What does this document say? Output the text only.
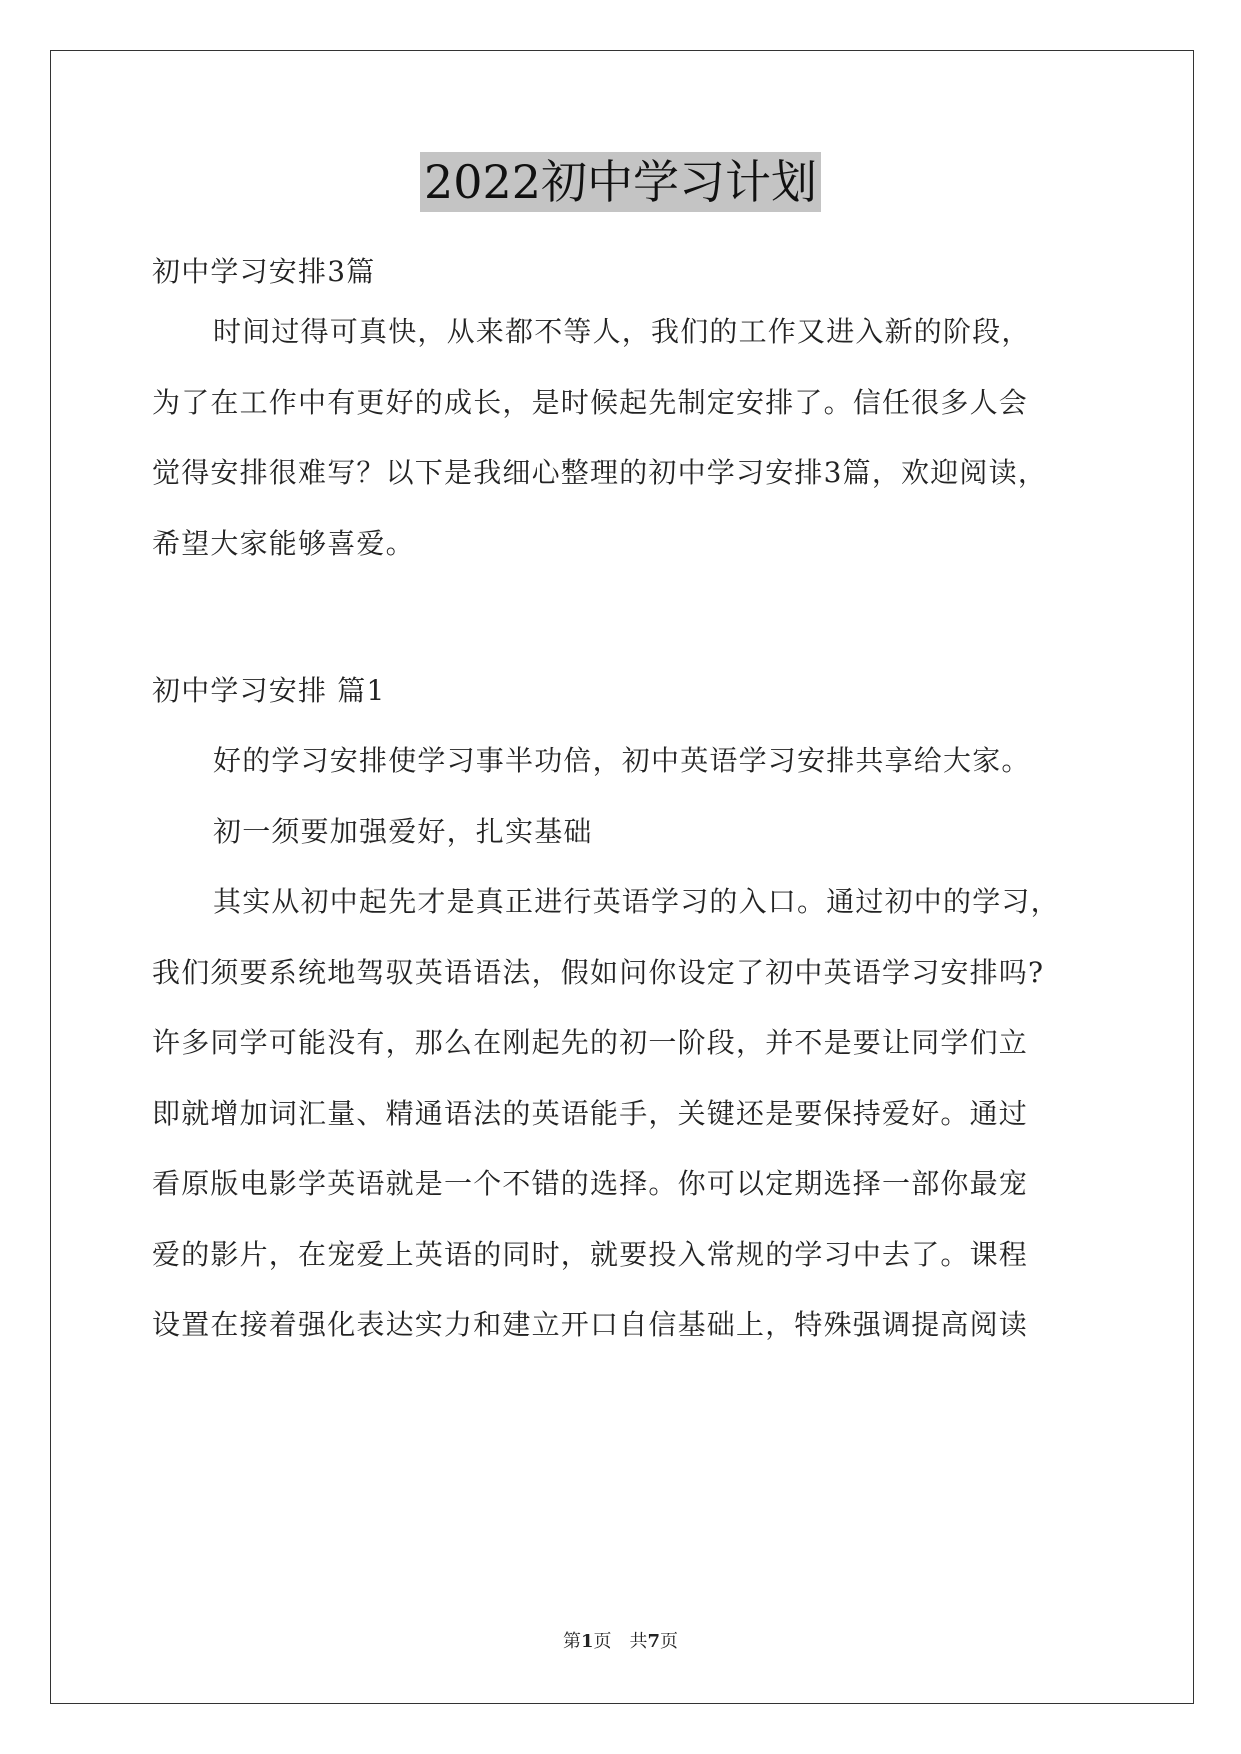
2022初中学习计划
初中学习安排3篇
时间过得可真快，从来都不等人，我们的工作又进入新的阶段，
为了在工作中有更好的成长，是时候起先制定安排了。信任很多人会
觉得安排很难写？以下是我细心整理的初中学习安排3篇，欢迎阅读，
希望大家能够喜爱。
初中学习安排 篇1
好的学习安排使学习事半功倍，初中英语学习安排共享给大家。
初一须要加强爱好，扎实基础
其实从初中起先才是真正进行英语学习的入口。通过初中的学习，
我们须要系统地驾驭英语语法，假如问你设定了初中英语学习安排吗?
许多同学可能没有，那么在刚起先的初一阶段，并不是要让同学们立
即就增加词汇量、精通语法的英语能手，关键还是要保持爱好。通过
看原版电影学英语就是一个不错的选择。你可以定期选择一部你最宠
爱的影片，在宠爱上英语的同时，就要投入常规的学习中去了。课程
设置在接着强化表达实力和建立开口自信基础上，特殊强调提高阅读
第1页 共7页
